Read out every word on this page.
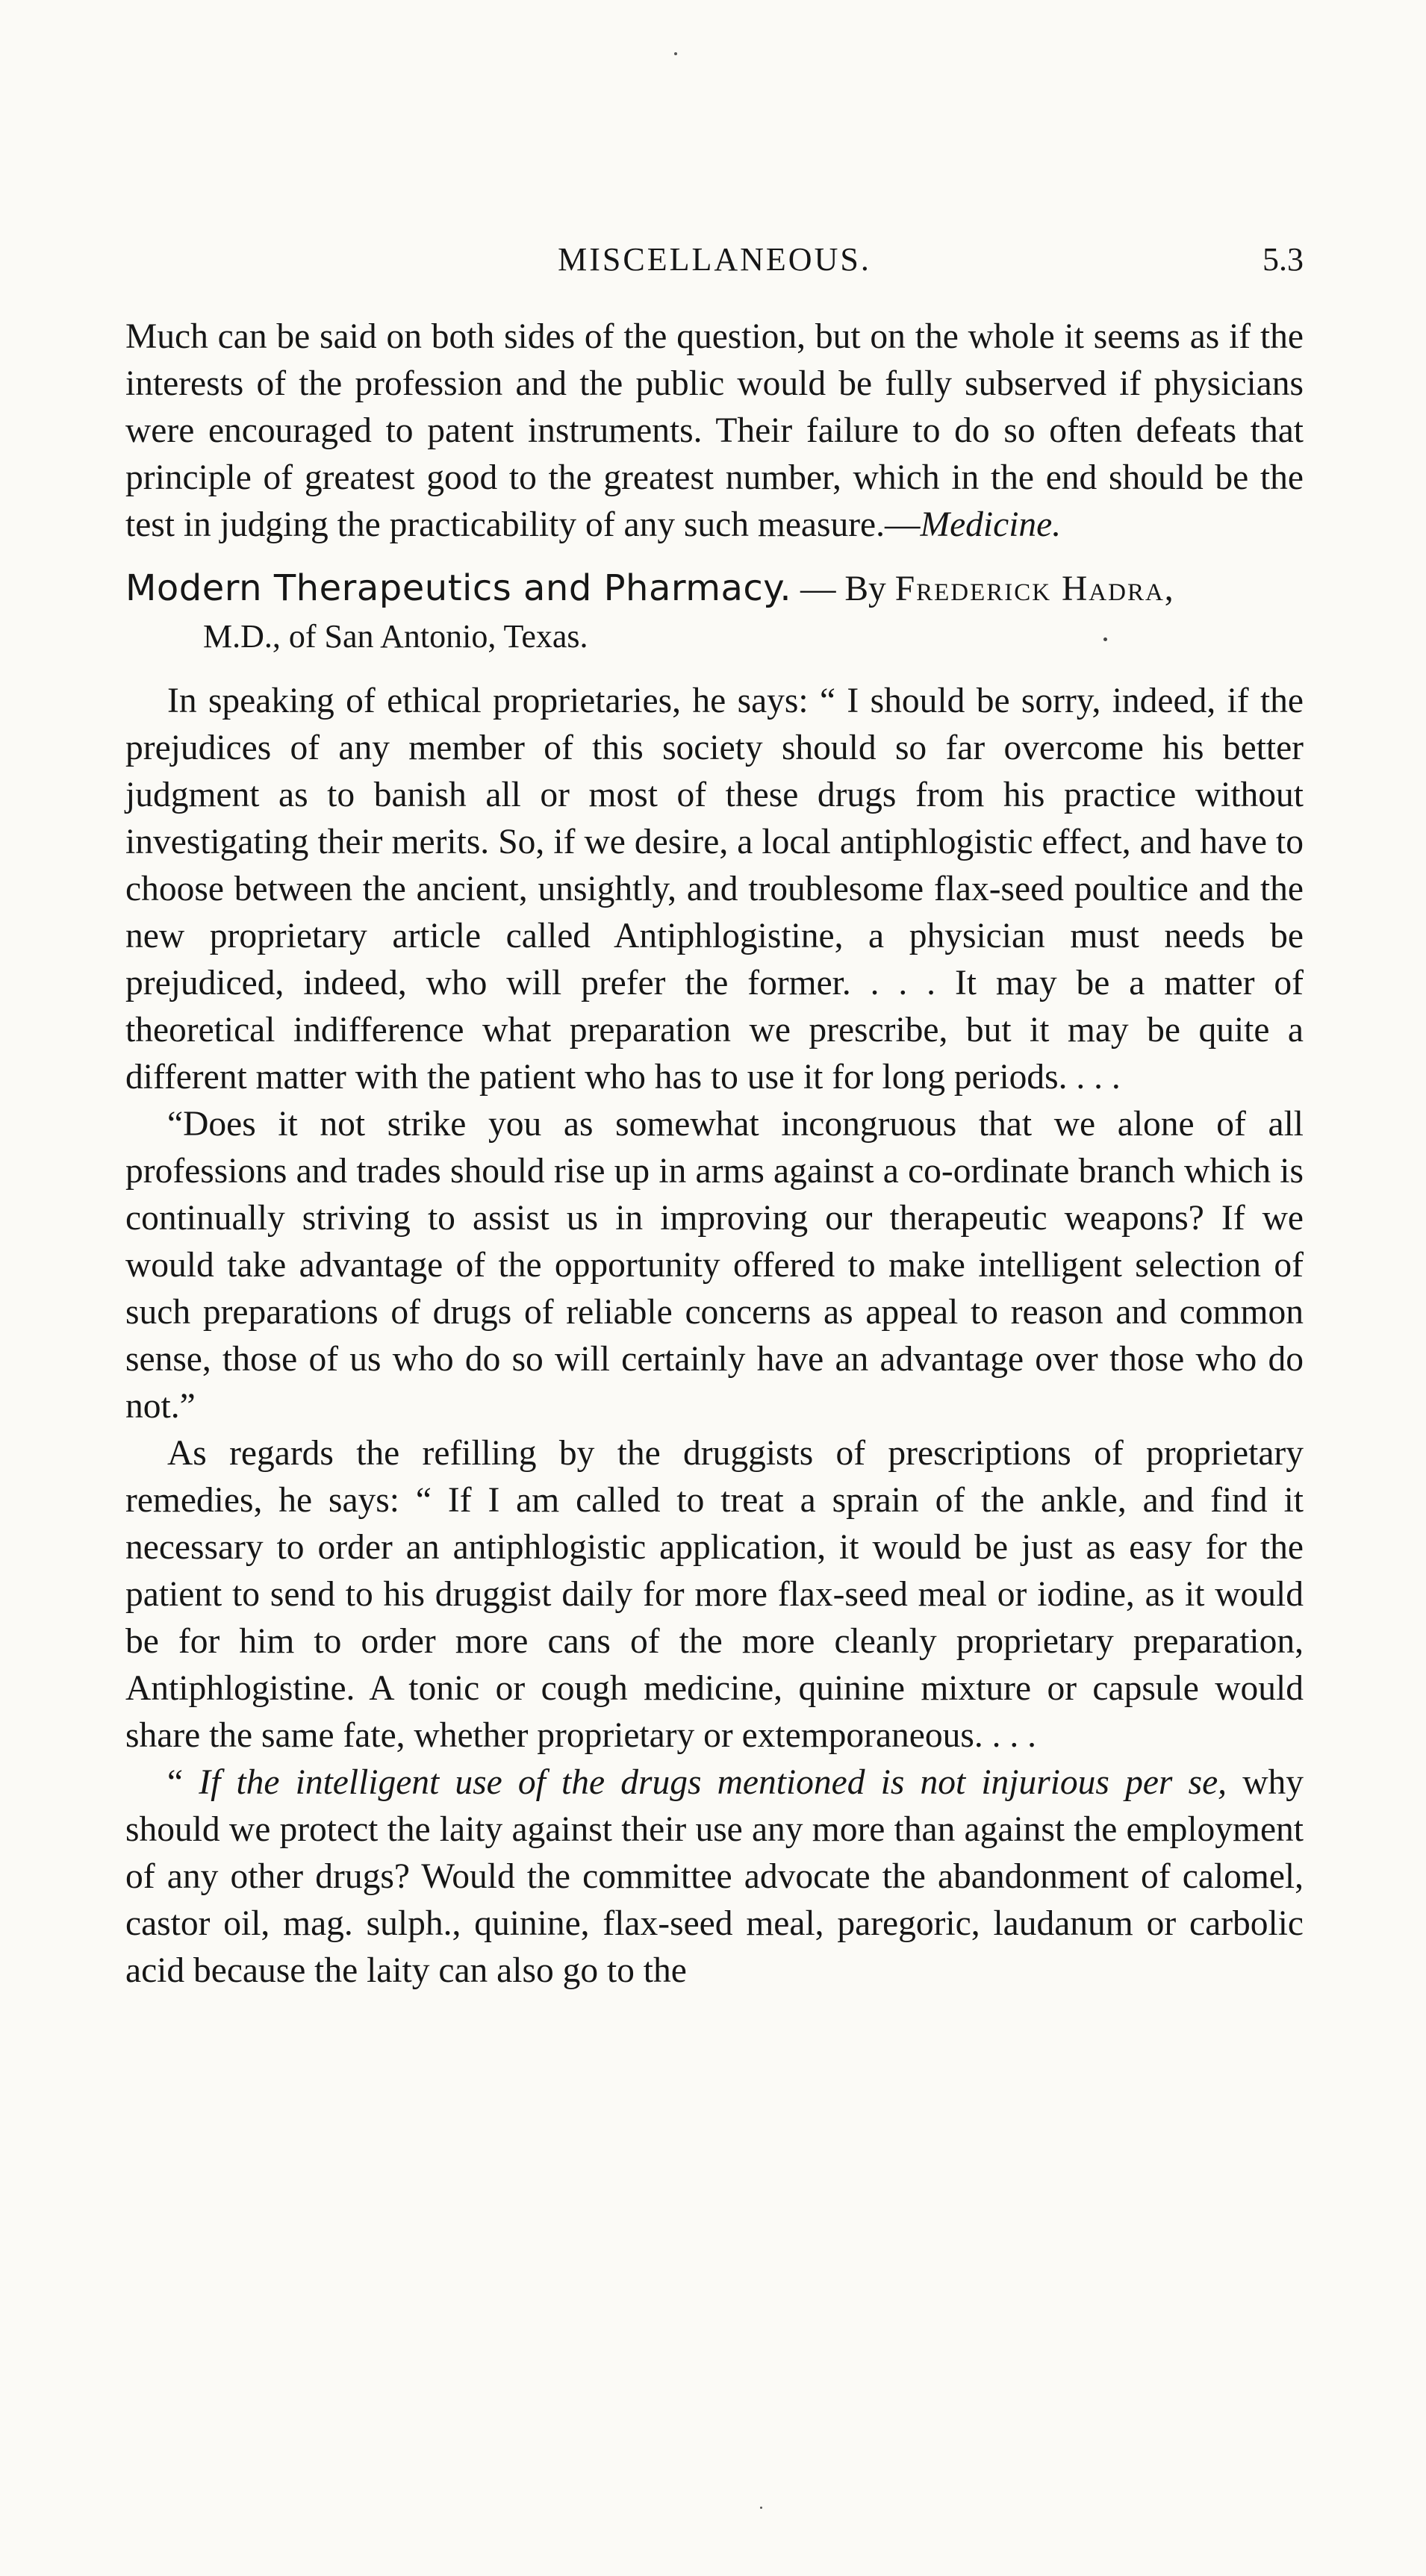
MISCELLANEOUS.	5.3

Much can be said on both sides of the question, but on the whole it seems as if the interests of the profession and the public would be fully subserved if physicians were encouraged to patent instruments. Their failure to do so often defeats that principle of greatest good to the greatest number, which in the end should be the test in judging the practicability of any such measure.—Medicine.

Modern Therapeutics and Pharmacy. — By Frederick Hadra,
M.D., of San Antonio, Texas.

In speaking of ethical proprietaries, he says: “ I should be sorry, indeed, if the prejudices of any member of this society should so far overcome his better judgment as to banish all or most of these drugs from his practice without investigating their merits. So, if we desire, a local antiphlogistic effect, and have to choose between the ancient, unsightly, and troublesome flax-seed poultice and the new proprietary article called Antiphlogistine, a physician must needs be prejudiced, indeed, who will prefer the former. . . . It may be a matter of theoretical indifference what preparation we prescribe, but it may be quite a different matter with the patient who has to use it for long periods. . . .

“Does it not strike you as somewhat incongruous that we alone of all professions and trades should rise up in arms against a co-ordinate branch which is continually striving to assist us in improving our therapeutic weapons? If we would take advantage of the opportunity offered to make intelligent selection of such preparations of drugs of reliable concerns as appeal to reason and common sense, those of us who do so will certainly have an advantage over those who do not.”

As regards the refilling by the druggists of prescriptions of proprietary remedies, he says: “ If I am called to treat a sprain of the ankle, and find it necessary to order an antiphlogistic application, it would be just as easy for the patient to send to his druggist daily for more flax-seed meal or iodine, as it would be for him to order more cans of the more cleanly proprietary preparation, Antiphlogistine. A tonic or cough medicine, quinine mixture or capsule would share the same fate, whether proprietary or extemporaneous. . . .

“ If the intelligent use of the drugs mentioned is not injurious per se, why should we protect the laity against their use any more than against the employment of any other drugs? Would the committee advocate the abandonment of calomel, castor oil, mag. sulph., quinine, flax-seed meal, paregoric, laudanum or carbolic acid because the laity can also go to the
